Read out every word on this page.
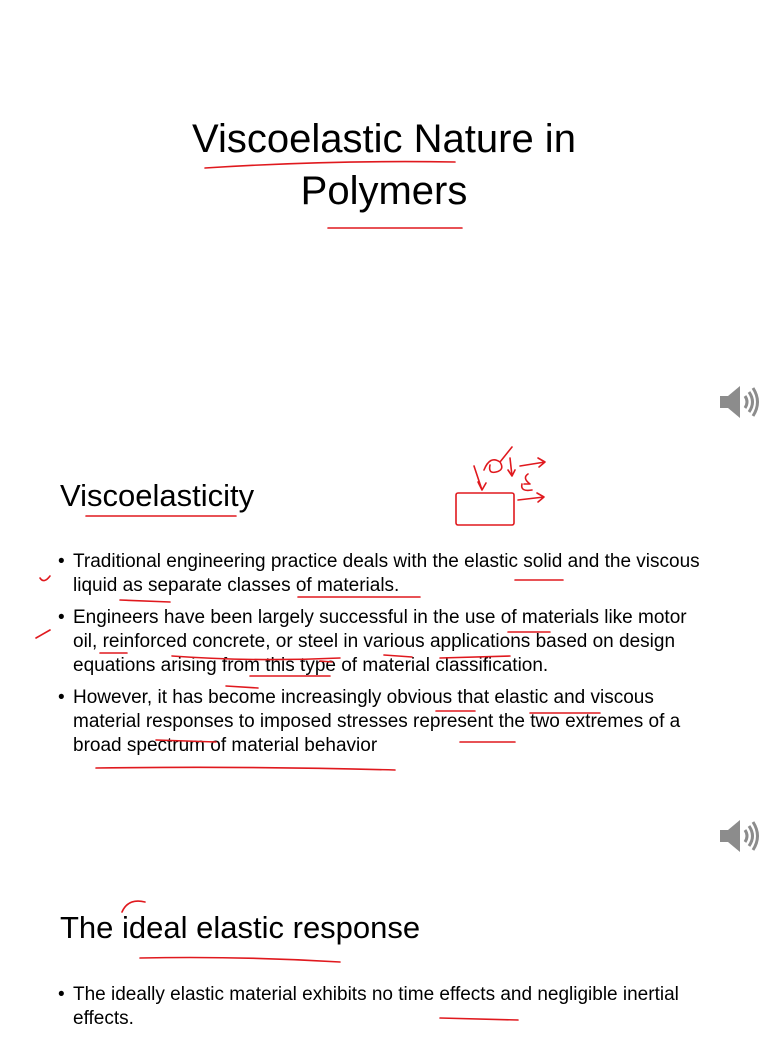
Viscoelastic Nature in
Polymers
Viscoelasticity
• Traditional engineering practice deals with the elastic solid and the viscous liquid as separate classes of materials.
• Engineers have been largely successful in the use of materials like motor oil, reinforced concrete, or steel in various applications based on design equations arising from this type of material classification.
• However, it has become increasingly obvious that elastic and viscous material responses to imposed stresses represent the two extremes of a broad spectrum of material behavior
The ideal elastic response
• The ideally elastic material exhibits no time effects and negligible inertial effects.
